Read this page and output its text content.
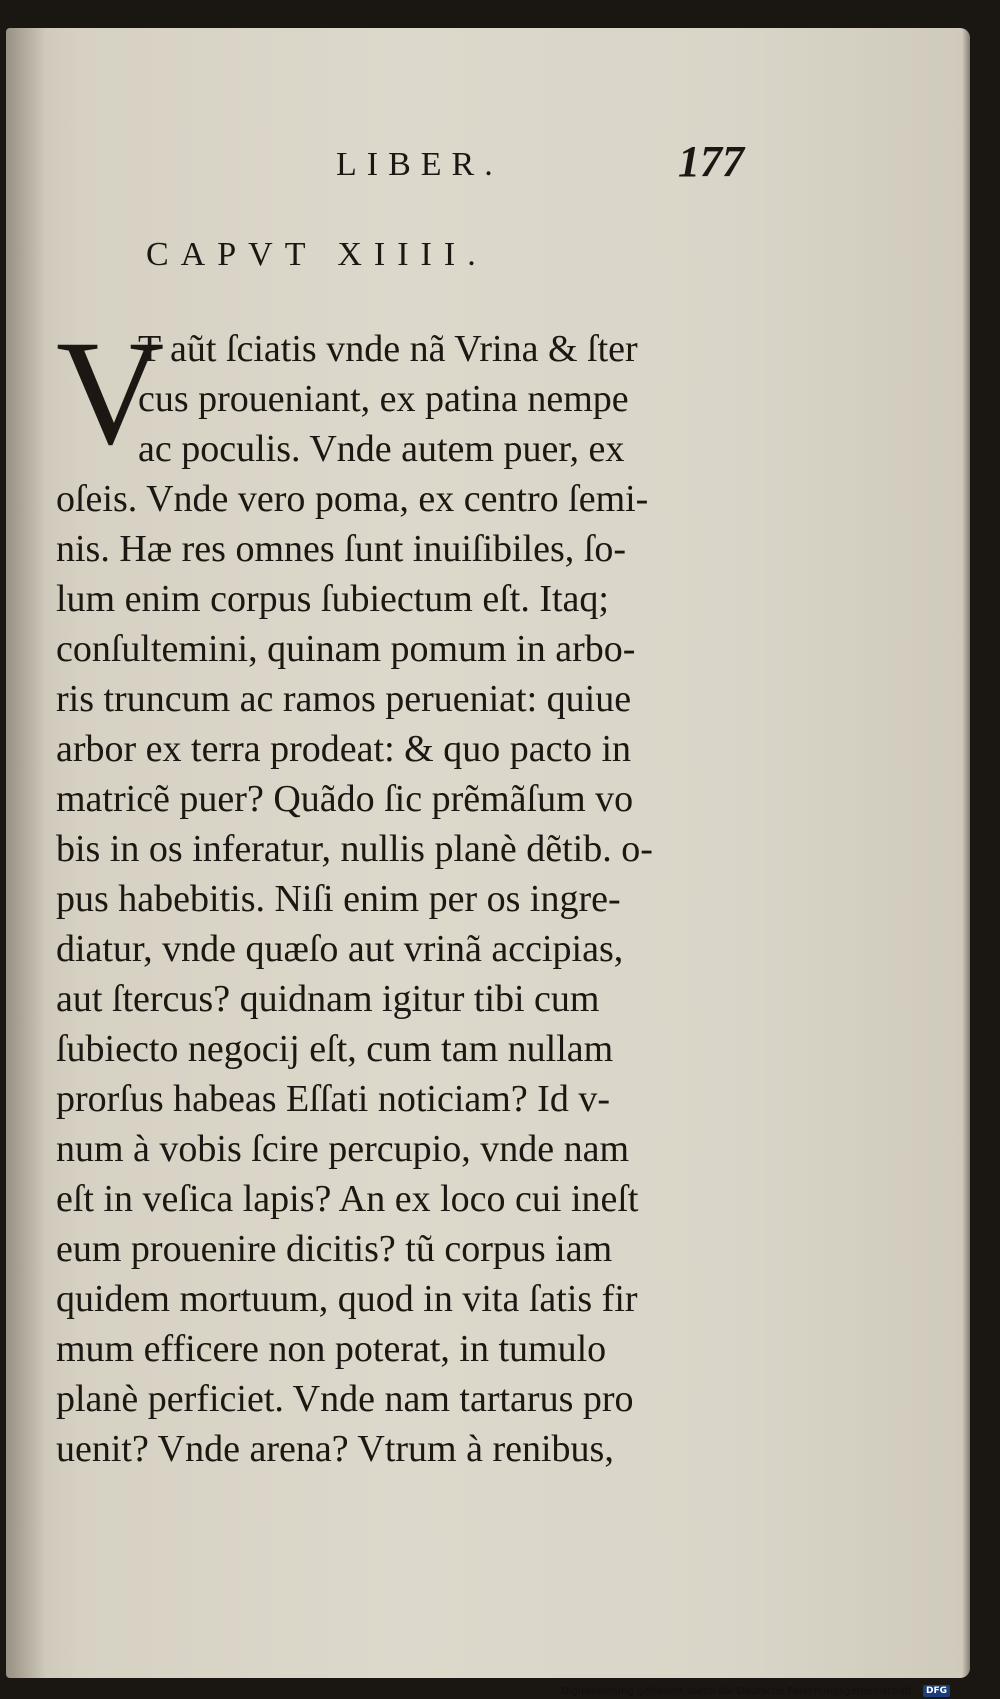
LIBER.	177
CAPVT XIIII.
V
T aũt ſciatis vnde nã Vrina & ſter
cus proueniant, ex patina nempe
ac poculis. Vnde autem puer, ex
oſeis. Vnde vero poma, ex centro ſemi-
nis. Hæ res omnes ſunt inuiſibiles, ſo-
lum enim corpus ſubiectum eſt. Itaq;
conſultemini, quinam pomum in arbo-
ris truncum ac ramos perueniat: quiue
arbor ex terra prodeat: & quo pacto in
matricẽ puer? Quãdo ſic prẽmãſum vo
bis in os inferatur, nullis planè dẽtib. o-
pus habebitis. Niſi enim per os ingre-
diatur, vnde quæſo aut vrinã accipias,
aut ſtercus? quidnam igitur tibi cum
ſubiecto negocij eſt, cum tam nullam
prorſus habeas Eſſati noticiam? Id v-
num à vobis ſcire percupio, vnde nam
eſt in veſica lapis? An ex loco cui ineſt
eum prouenire dicitis? tũ corpus iam
quidem mortuum, quod in vita ſatis fir
mum efficere non poterat, in tumulo
planè perficiet. Vnde nam tartarus pro
uenit? Vnde arena? Vtrum à renibus,
Digitalisierung gefördert durch die Deutsche Forschungsgemeinschaft - DFG
